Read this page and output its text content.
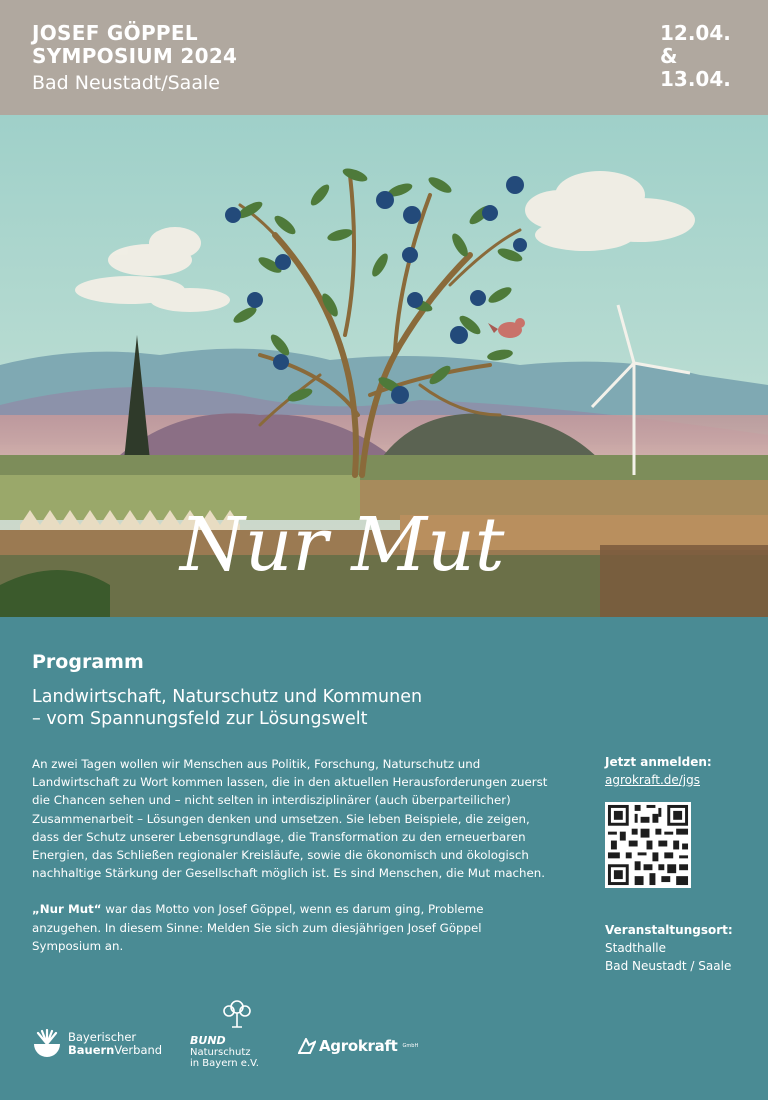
JOSEF GÖPPEL
SYMPOSIUM 2024
Bad Neustadt/Saale
12.04.
&
13.04.
Nur Mut
Programm
Landwirtschaft, Naturschutz und Kommunen
– vom Spannungsfeld zur Lösungswelt

An zwei Tagen wollen wir Menschen aus Politik, Forschung, Naturschutz und Landwirtschaft zu Wort kommen lassen, die in den aktuellen Herausforderungen zuerst die Chancen sehen und – nicht selten in interdisziplinärer (auch überparteilicher) Zusammenarbeit – Lösungen denken und umsetzen. Sie leben Beispiele, die zeigen, dass der Schutz unserer Lebensgrundlage, die Transformation zu den erneuerbaren Energien, das Schließen regionaler Kreisläufe, sowie die ökonomisch und ökologisch nachhaltige Stärkung der Gesellschaft möglich ist. Es sind Menschen, die Mut machen.

„Nur Mut“ war das Motto von Josef Göppel, wenn es darum ging, Probleme anzugehen. In diesem Sinne: Melden Sie sich zum diesjährigen Josef Göppel Symposium an.

Jetzt anmelden:
agrokraft.de/jgs
Veranstaltungsort:
Stadthalle
Bad Neustadt / Saale
Bayerischer
BauernVerband
BUND
Naturschutz
in Bayern e.V.
Agrokraft GmbH
